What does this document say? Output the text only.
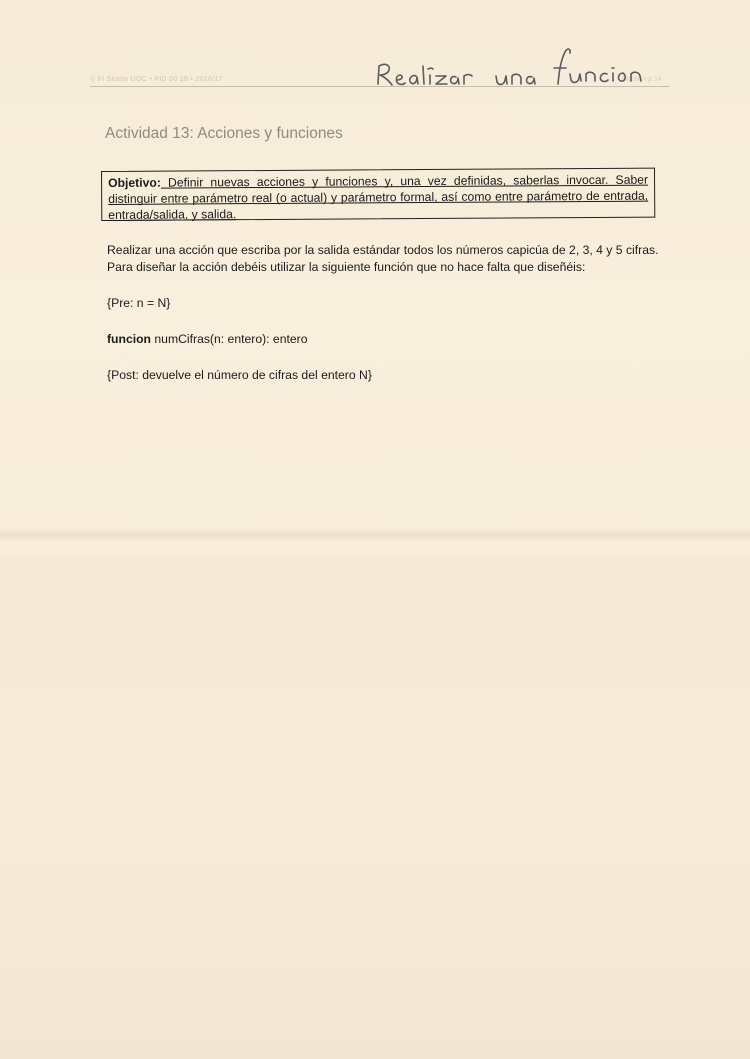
© FI Studio UOC • PID 00 18 • 2016/17	Studio • p 14
Actividad 13: Acciones y funciones
Objetivo: Definir nuevas acciones y funciones y, una vez definidas, saberlas invocar. Saber distinguir entre parámetro real (o actual) y parámetro formal, así como entre parámetro de entrada, entrada/salida, y salida.

Realizar una acción que escriba por la salida estándar todos los números capicúa de 2, 3, 4 y 5 cifras. Para diseñar la acción debéis utilizar la siguiente función que no hace falta que diseñéis:

{Pre: n = N}

funcion numCifras(n: entero): entero

{Post: devuelve el número de cifras del entero N}
